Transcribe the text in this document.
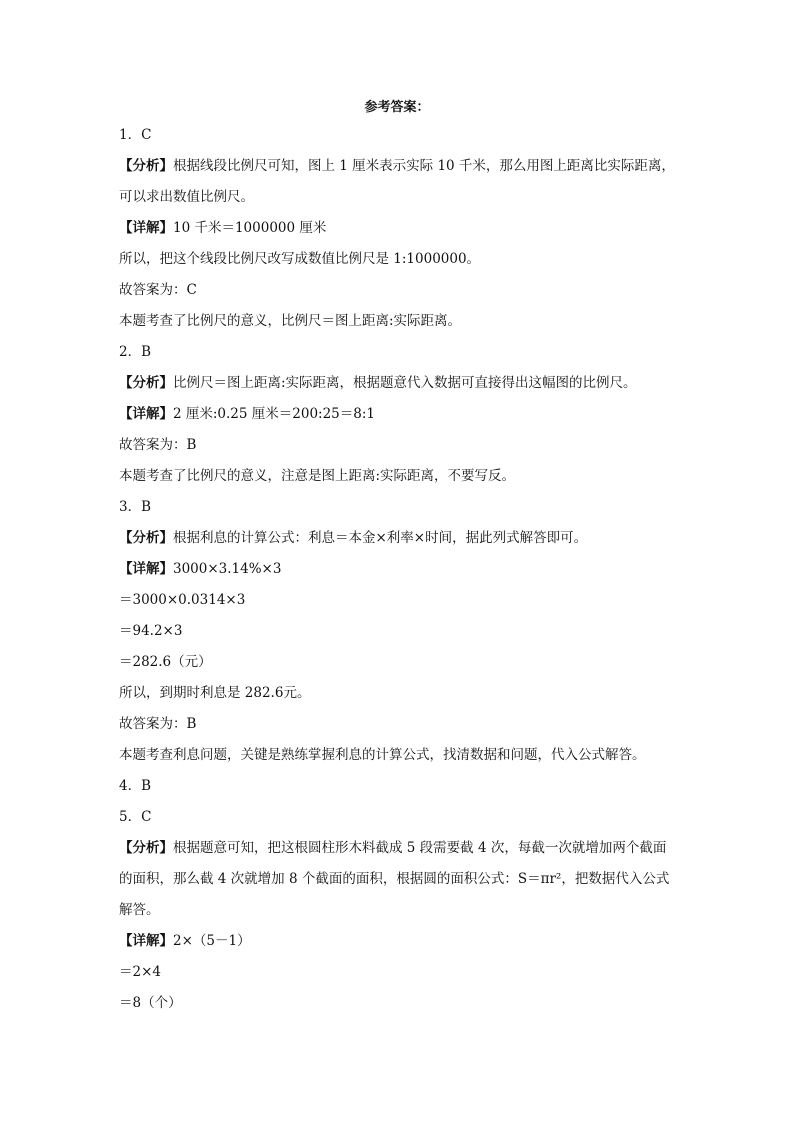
参考答案：
1．C
【分析】根据线段比例尺可知，图上 1 厘米表示实际 10 千米，那么用图上距离比实际距离，
可以求出数值比例尺。
【详解】10 千米＝1000000 厘米
所以，把这个线段比例尺改写成数值比例尺是 1:1000000。
故答案为：C
本题考查了比例尺的意义，比例尺＝图上距离:实际距离。
2．B
【分析】比例尺＝图上距离:实际距离，根据题意代入数据可直接得出这幅图的比例尺。
【详解】2 厘米:0.25 厘米＝200:25＝8:1
故答案为：B
本题考查了比例尺的意义，注意是图上距离:实际距离，不要写反。
3．B
【分析】根据利息的计算公式：利息＝本金×利率×时间，据此列式解答即可。
【详解】3000×3.14%×3
＝3000×0.0314×3
＝94.2×3
＝282.6（元）
所以，到期时利息是 282.6元。
故答案为：B
本题考查利息问题，关键是熟练掌握利息的计算公式，找清数据和问题，代入公式解答。
4．B
5．C
【分析】根据题意可知，把这根圆柱形木料截成 5 段需要截 4 次，每截一次就增加两个截面
的面积，那么截 4 次就增加 8 个截面的面积，根据圆的面积公式：S＝πr²，把数据代入公式
解答。
【详解】2×（5－1）
＝2×4
＝8（个）
